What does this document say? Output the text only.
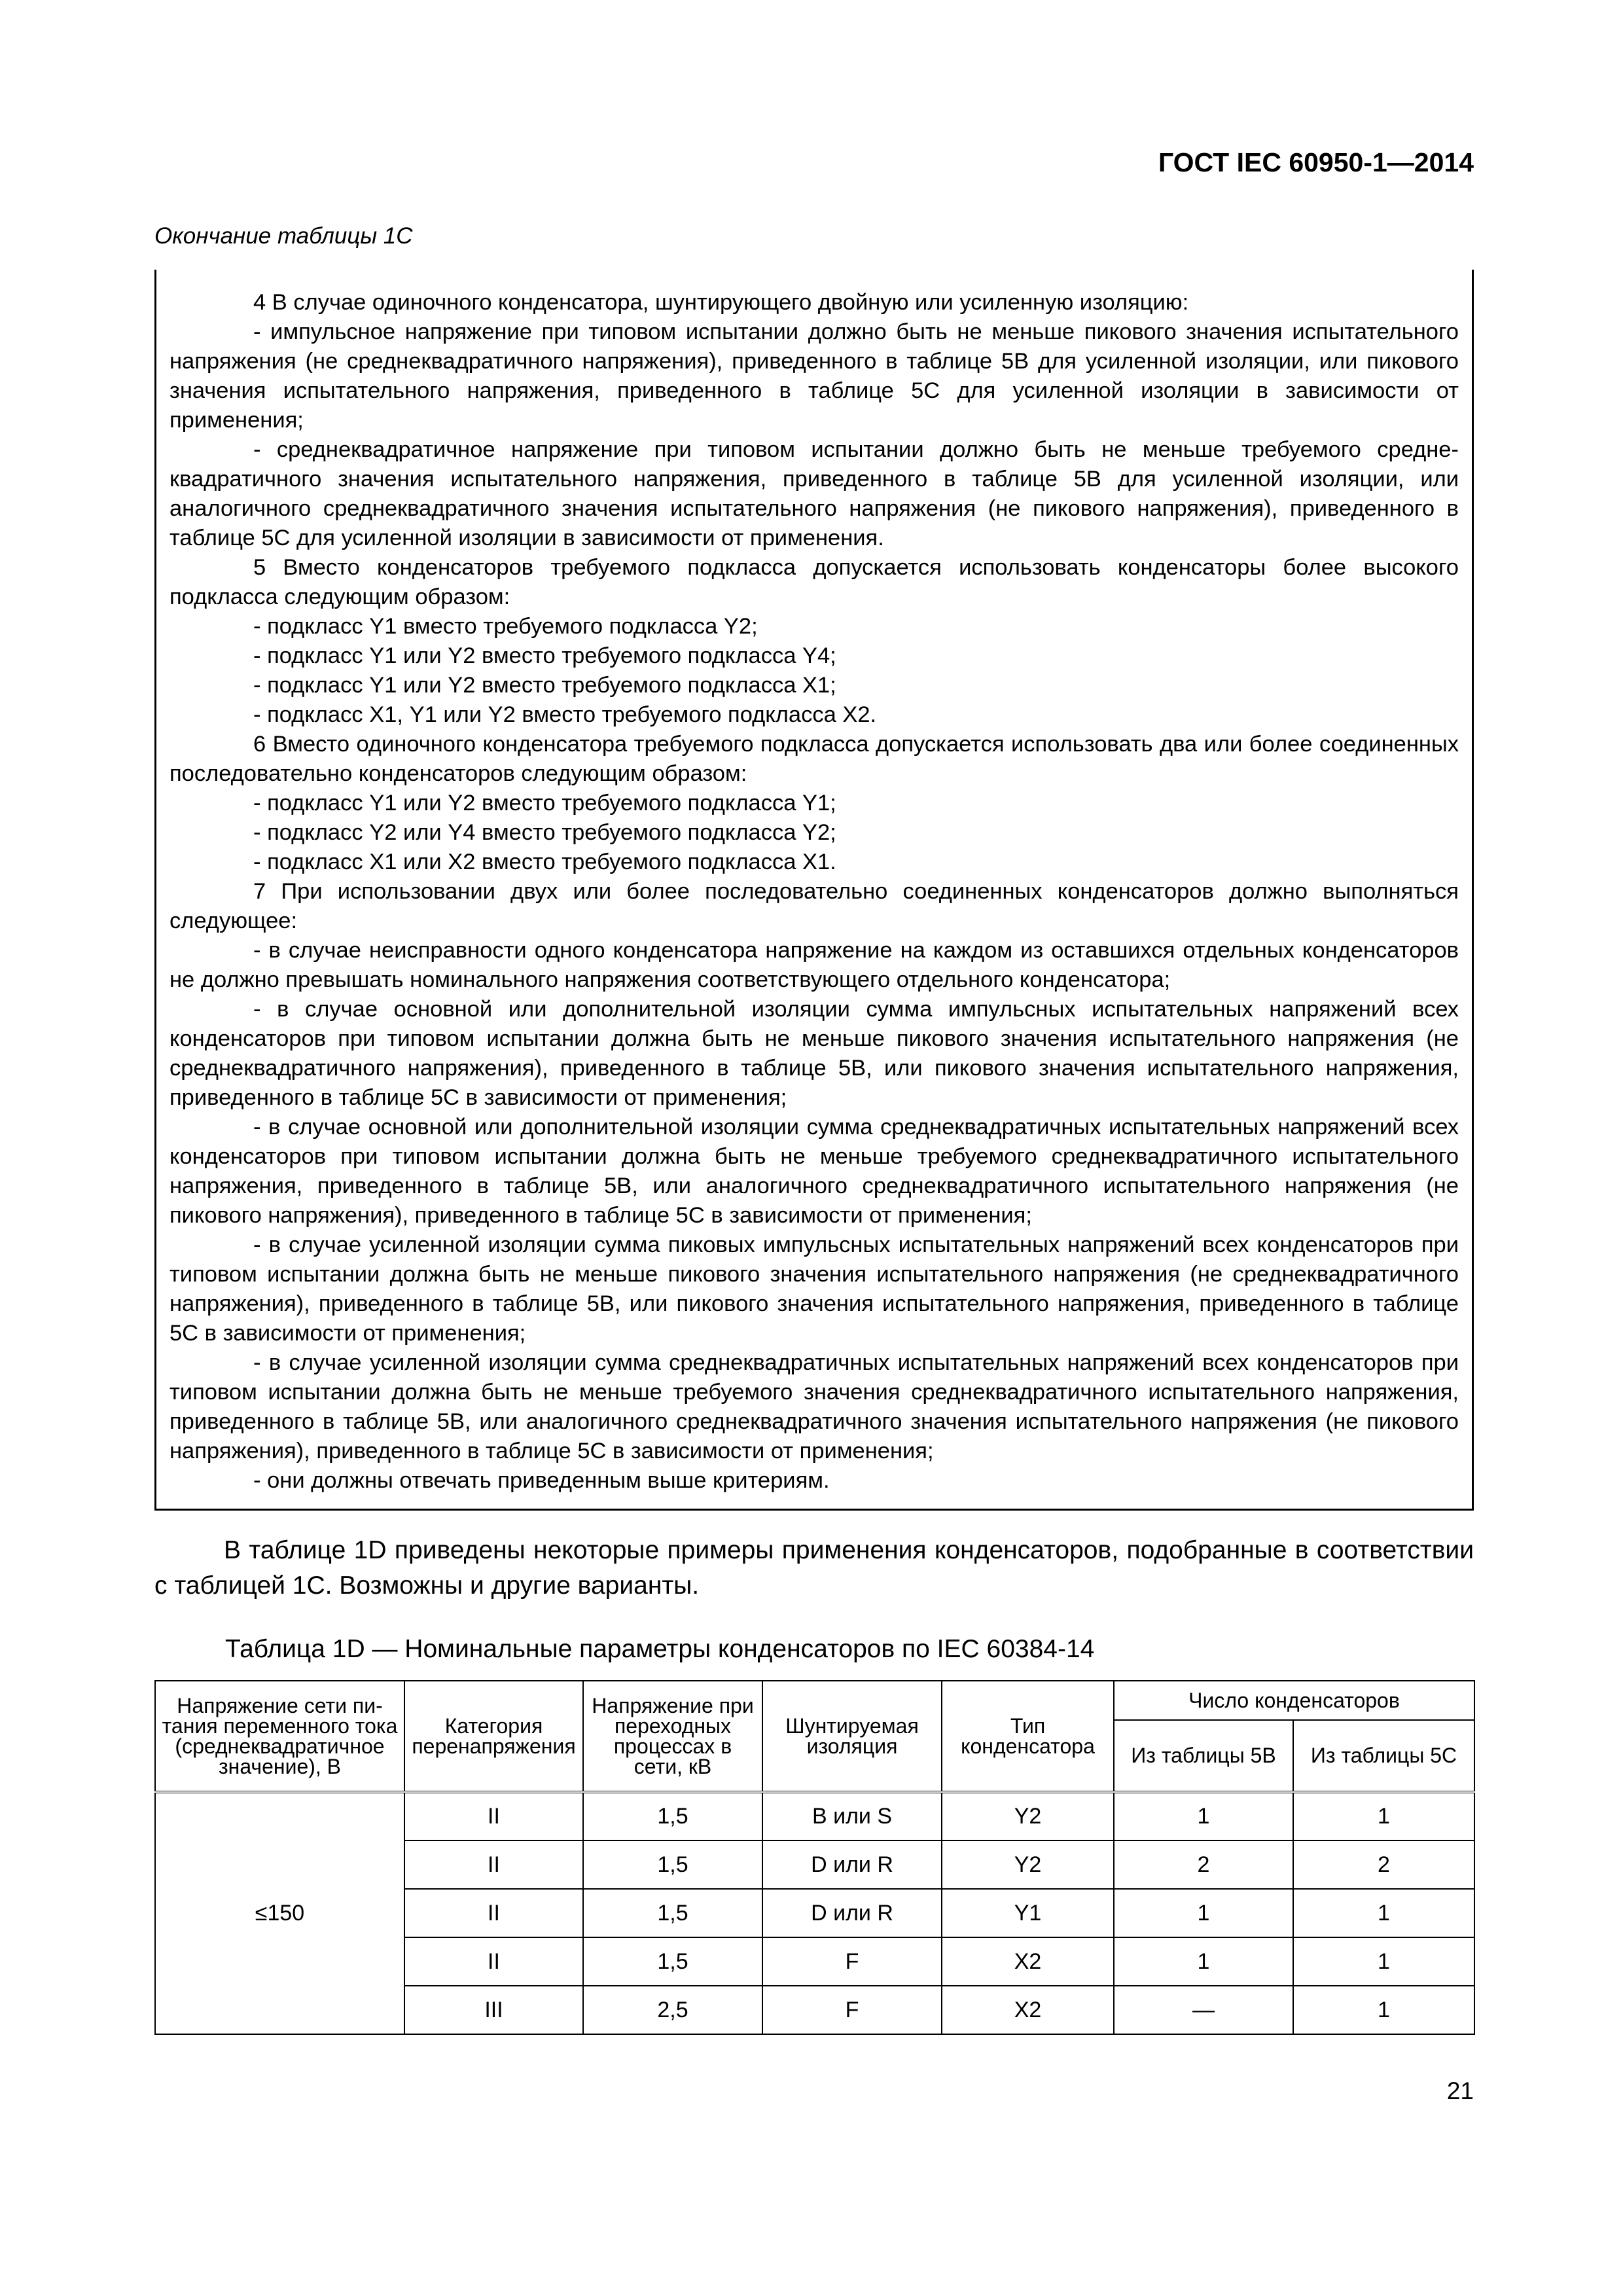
ГОСТ IEC 60950-1—2014
Окончание таблицы 1С

4 В случае одиночного конденсатора, шунтирующего двойную или усиленную изоляцию:

- импульсное напряжение при типовом испытании должно быть не меньше пикового значения испытательного напряжения (не среднеквадратичного напряжения), приведенного в таблице 5В для усиленной изоляции, или пикового значения испытательного напряжения, приведенного в таблице 5С для усиленной изоляции в зависимости от применения;

- среднеквадратичное напряжение при типовом испытании должно быть не меньше требуемого среднеквадратичного значения испытательного напряжения, приведенного в таблице 5В для усиленной изоляции, или аналогичного среднеквадратичного значения испытательного напряжения (не пикового напряжения), приведенного в таблице 5С для усиленной изоляции в зависимости от применения.

5 Вместо конденсаторов требуемого подкласса допускается использовать конденсаторы более высокого подкласса следующим образом:

- подкласс Y1 вместо требуемого подкласса Y2;

- подкласс Y1 или Y2 вместо требуемого подкласса Y4;

- подкласс Y1 или Y2 вместо требуемого подкласса Х1;

- подкласс Х1, Y1 или Y2 вместо требуемого подкласса Х2.

6 Вместо одиночного конденсатора требуемого подкласса допускается использовать два или более соединенных последовательно конденсаторов следующим образом:

- подкласс Y1 или Y2 вместо требуемого подкласса Y1;

- подкласс Y2 или Y4 вместо требуемого подкласса Y2;

- подкласс Х1 или Х2 вместо требуемого подкласса Х1.

7 При использовании двух или более последовательно соединенных конденсаторов должно выполняться следующее:

- в случае неисправности одного конденсатора напряжение на каждом из оставшихся отдельных конденсаторов не должно превышать номинального напряжения соответствующего отдельного конденсатора;

- в случае основной или дополнительной изоляции сумма импульсных испытательных напряжений всех конденсаторов при типовом испытании должна быть не меньше пикового значения испытательного напряжения (не среднеквадратичного напряжения), приведенного в таблице 5В, или пикового значения испытательного напряжения, приведенного в таблице 5С в зависимости от применения;

- в случае основной или дополнительной изоляции сумма среднеквадратичных испытательных напряжений всех конденсаторов при типовом испытании должна быть не меньше требуемого среднеквадратичного испытательного напряжения, приведенного в таблице 5В, или аналогичного среднеквадратичного испытательного напряжения (не пикового напряжения), приведенного в таблице 5С в зависимости от применения;

- в случае усиленной изоляции сумма пиковых импульсных испытательных напряжений всех конденсаторов при типовом испытании должна быть не меньше пикового значения испытательного напряжения (не среднеквадратичного напряжения), приведенного в таблице 5В, или пикового значения испытательного напряжения, приведенного в таблице 5С в зависимости от применения;

- в случае усиленной изоляции сумма среднеквадратичных испытательных напряжений всех конденсаторов при типовом испытании должна быть не меньше требуемого значения среднеквадратичного испытательного напряжения, приведенного в таблице 5В, или аналогичного среднеквадратичного значения испытательного напряжения (не пикового напряжения), приведенного в таблице 5С в зависимости от применения;

- они должны отвечать приведенным выше критериям.

В таблице 1D приведены некоторые примеры применения конденсаторов, подобранные в соответствии с таблицей 1С. Возможны и другие варианты.

Таблица 1D — Номинальные параметры конденсаторов по IEC 60384-14
Напряжение сети питания переменного тока (среднеквадратичное значение), В	Категория перенапряжения	Напряжение при переходных процессах в сети, кВ	Шунтируемая изоляция	Тип конденсатора	Число конденсаторов	
					Из таблицы 5В	Из таблицы 5С
≤150	II	1,5	В или S	Y2	1	1
	II	1,5	D или R	Y2	2	2
	II	1,5	D или R	Y1	1	1
	II	1,5	F	Х2	1	1
	III	2,5	F	Х2	—	1
21
